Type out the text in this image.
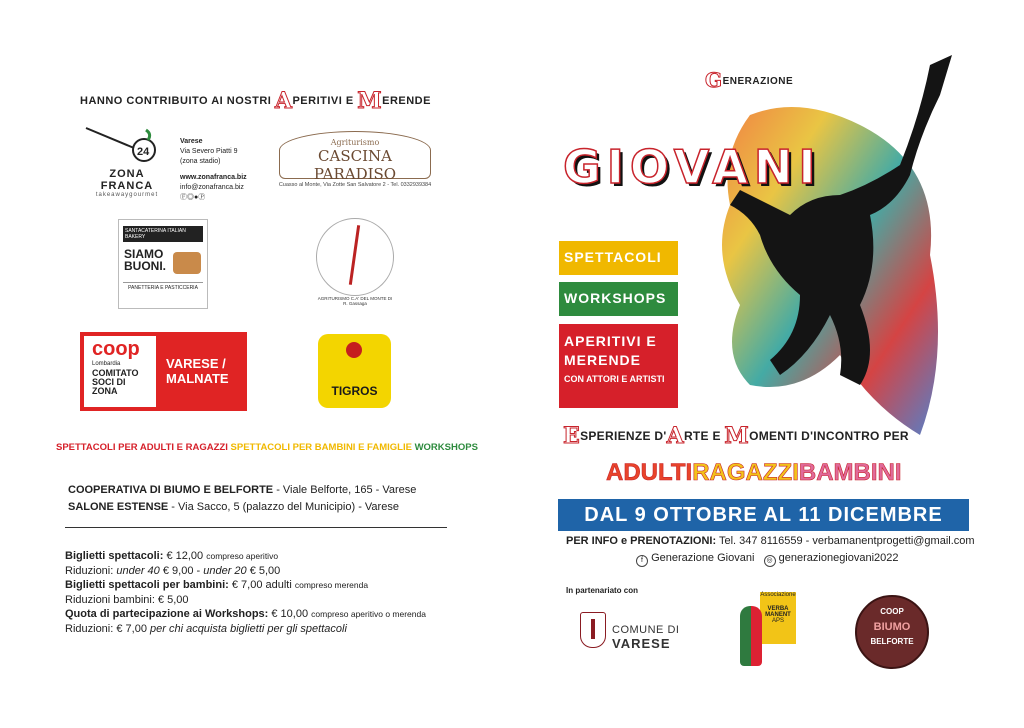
HANNO CONTRIBUITO AI NOSTRI APERITIVI E MERENDE
24
ZONA FRANCA
takeawaygourmet
Varese
Via Severo Piatti 9
(zona stadio)
www.zonafranca.biz
info@zonafranca.biz
Ⓕ◎●Ⓟ
Agriturismo
CASCINA PARADISO
Cuasso al Monte, Via Zotte San Salvatore 2 - Tel. 0332939384
SANTACATERINA ITALIAN BAKERY
SIAMO
BUONI.
PANETTERIA E PASTICCERIA
AGRITURISMO C.A' DEL MONTE DI R. Gassaga
coop
Lombardia
COMITATO
SOCI DI
ZONA
VARESE /
MALNATE
TIGROS
SPETTACOLI PER ADULTI E RAGAZZI SPETTACOLI PER BAMBINI E FAMIGLIE WORKSHOPS
COOPERATIVA DI BIUMO E BELFORTE - Viale Belforte, 165 - Varese
SALONE ESTENSE - Via Sacco, 5 (palazzo del Municipio) - Varese
Biglietti spettacoli: € 12,00 compreso aperitivo
Riduzioni: under 40 € 9,00 - under 20 € 5,00
Biglietti spettacoli per bambini: € 7,00 adulti compreso merenda
Riduzioni bambini: € 5,00
Quota di partecipazione ai Workshops: € 10,00 compreso aperitivo o merenda
Riduzioni: € 7,00 per chi acquista biglietti per gli spettacoli
GENERAZIONE
GIOVANI
SPETTACOLI
WORKSHOPS
APERITIVI E
MERENDE
CON ATTORI E ARTISTI
ESPERIENZE D'ARTE E MOMENTI D'INCONTRO PER
ADULTIRAGAZZIBAMBINI
DAL 9 OTTOBRE AL 11 DICEMBRE
PER INFO e PRENOTAZIONI: Tel. 347 8116559 - verbamanentprogetti@gmail.com
f Generazione Giovani ◎ generazionegiovani2022
In partenariato con
COMUNE DI
VARESE
Associazione
VERBA
MANENT
APS
COOP
BIUMO
BELFORTE
